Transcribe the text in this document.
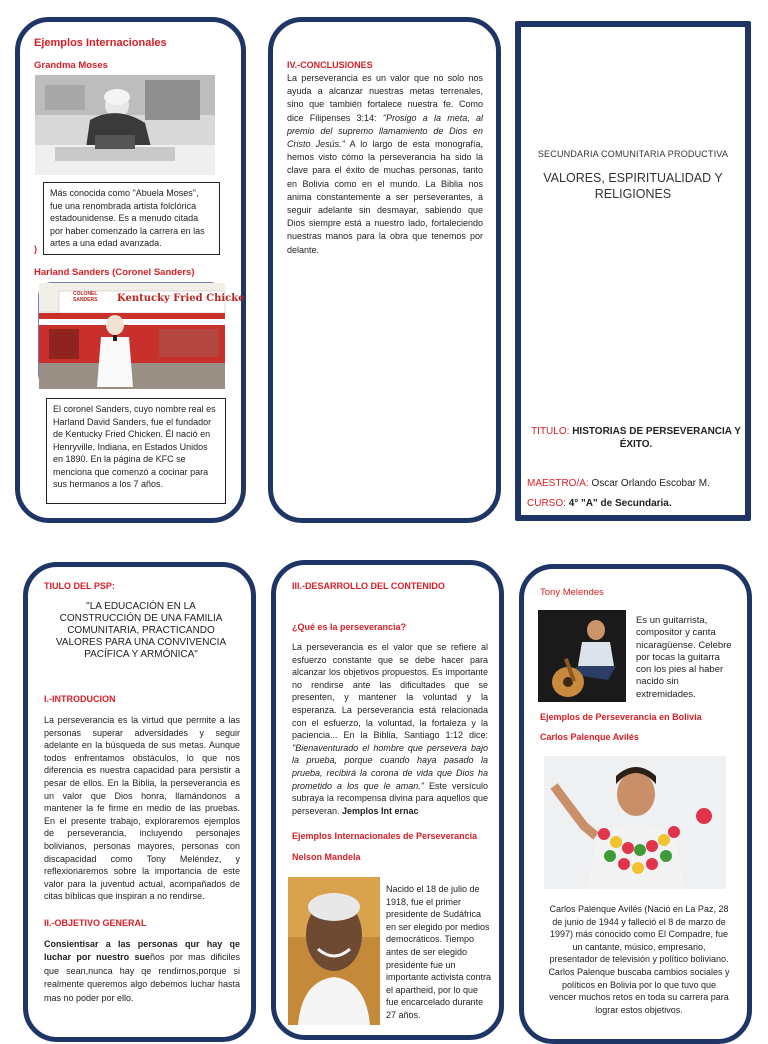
Ejemplos Internacionales
Grandma Moses
Más conocida como "Abuela Moses", fue una renombrada artista folclórica estadounidense. Es a menudo citada por haber comenzado la carrera en las artes a una edad avanzada.
)
Harland Sanders (Coronel Sanders)
Kentucky Fried Chicke
COLONEL SANDERS
El coronel Sanders, cuyo nombre real es Harland David Sanders, fue el fundador de Kentucky Fried Chicken. Él nació en Henryville, Indiana, en Estados Unidos en 1890. En la página de KFC se menciona que comenzó a cocinar para sus hermanos a los 7 años.
IV.-CONCLUSIONES
La perseverancia es un valor que no solo nos ayuda a alcanzar nuestras metas terrenales, sino que también fortalece nuestra fe. Como dice Filipenses 3:14: "Prosigo a la meta, al premio del supremo llamamiento de Dios en Cristo Jesús." A lo largo de esta monografía, hemos visto cómo la perseverancia ha sido la clave para el éxito de muchas personas, tanto en Bolivia como en el mundo. La Biblia nos anima constantemente a ser perseverantes, a seguir adelante sin desmayar, sabiendo que Dios siempre está a nuestro lado, fortaleciendo nuestras manos para la obra que tenemos por delante.
SECUNDARIA COMUNITARIA PRODUCTIVA
VALORES, ESPIRITUALIDAD Y RELIGIONES
TITULO: HISTORIAS DE PERSEVERANCIA Y ÉXITO.
MAESTRO/A: Oscar Orlando Escobar M.
CURSO: 4° "A" de Secundaria.
TIULO DEL PSP:
"LA EDUCACIÓN EN LA CONSTRUCCIÓN DE UNA FAMILIA COMUNITARIA, PRACTICANDO VALORES PARA UNA CONVIVENCIA PACÍFICA Y ARMÓNICA"
I.-INTRODUCION
La perseverancia es la virtud que permite a las personas superar adversidades y seguir adelante en la búsqueda de sus metas. Aunque todos enfrentamos obstáculos, lo que nos diferencia es nuestra capacidad para persistir a pesar de ellos. En la Biblia, la perseverancia es un valor que Dios honra, llamándonos a mantener la fe firme en medio de las pruebas. En el presente trabajo, exploraremos ejemplos de perseverancia, incluyendo personajes bolivianos, personas mayores, personas con discapacidad como Tony Meléndez, y reflexionaremos sobre la importancia de este valor para la juventud actual, acompañados de citas bíblicas que inspiran a no rendirse.
II.-OBJETIVO GENERAL
Consientisar a las personas qur hay qe luchar por nuestro sueños por mas dificiles que sean,nunca hay qe rendirnos,porque si realmente queremos algo debemos luchar hasta mas no poder por ello.
III.-DESARROLLO DEL CONTENIDO
¿Qué es la perseverancia?
La perseverancia es el valor que se refiere al esfuerzo constante que se debe hacer para alcanzar los objetivos propuestos. Es importante no rendirse ante las dificultades que se presenten, y mantener la voluntad y la esperanza. La perseverancia está relacionada con el esfuerzo, la voluntad, la fortaleza y la paciencia... En la Biblia, Santiago 1:12 dice: "Bienaventurado el hombre que persevera bajo la prueba, porque cuando haya pasado la prueba, recibirá la corona de vida que Dios ha prometido a los que le aman." Este versículo subraya la recompensa divina para aquellos que perseveran. Jemplos Int ernac
Ejemplos Internacionales de Perseverancia
Nelson Mandela
Nacido el 18 de julio de 1918, fue el primer presidente de Sudáfrica en ser elegido por medios democráticos. Tiempo antes de ser elegido presidente fue un importante activista contra el apartheid, por lo que fue encarcelado durante 27 años.
Tony Melendes
Es un guitarrista, compositor y canta nicaragüense. Celebre por tocas la guitarra con los pies al haber nacido sin extremidades.
Ejemplos de Perseverancia en Bolivia
Carlos Palenque Avilés
Carlos Palenque Avilés (Nació en La Paz, 28 de junio de 1944 y falleció el 8 de marzo de 1997) más conocido como El Compadre, fue un cantante, músico, empresario, presentador de televisión y político boliviano. Carlos Palenque buscaba cambios sociales y políticos en Bolivia por lo que tuvo que vencer muchos retos en toda su carrera para lograr estos objetivos.
